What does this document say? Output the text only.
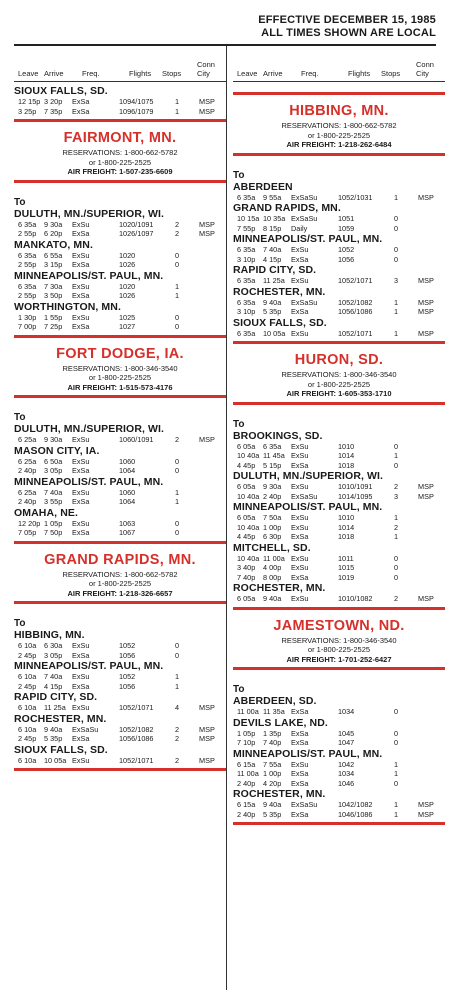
EFFECTIVE DECEMBER 15, 1985
ALL TIMES SHOWN ARE LOCAL
Leave Arrive Freq.	Flights Stops
Conn
City
SIOUX FALLS, SD.
12 15p 3 20p ExSa	1094/1075	1	MSP
3 25p 7 35p ExSa	1096/1079	1	MSP
FAIRMONT, MN.
RESERVATIONS: 1-800-662-5782
or 1-800-225-2525
AIR FREIGHT: 1-507-235-6609
To
DULUTH, MN./SUPERIOR, WI.
6 35a 9 30a ExSu	1020/1091	2	MSP
2 55p 6 20p ExSa	1026/1097	2	MSP
MANKATO, MN.
6 35a 6 55a ExSu	1020	0
2 55p 3 15p ExSa	1026	0
MINNEAPOLIS/ST. PAUL, MN.
6 35a 7 30a ExSu	1020	1
2 55p 3 50p ExSa	1026	1
WORTHINGTON, MN.
1 30p 1 55p ExSu	1025	0
7 00p 7 25p ExSa	1027	0
FORT DODGE, IA.
RESERVATIONS: 1-800-346-3540
or 1-800-225-2525
AIR FREIGHT: 1-515-573-4176
To
DULUTH, MN./SUPERIOR, WI.
6 25a 9 30a ExSu	1060/1091	2	MSP
MASON CITY, IA.
6 25a 6 50a ExSu	1060	0
2 40p 3 05p ExSa	1064	0
MINNEAPOLIS/ST. PAUL, MN.
6 25a 7 40a ExSu	1060	1
2 40p 3 55p ExSa	1064	1
OMAHA, NE.
12 20p 1 05p ExSu	1063	0
7 05p 7 50p ExSa	1067	0
GRAND RAPIDS, MN.
RESERVATIONS: 1-800-662-5782
or 1-800-225-2525
AIR FREIGHT: 1-218-326-6657
To
HIBBING, MN.
6 10a 6 30a ExSu	1052	0
2 45p 3 05p ExSa	1056	0
MINNEAPOLIS/ST. PAUL, MN.
6 10a 7 40a ExSu	1052	1
2 45p 4 15p ExSa	1056	1
RAPID CITY, SD.
6 10a 11 25a ExSu	1052/1071	4	MSP
ROCHESTER, MN.
6 10a 9 40a ExSaSu	1052/1082	2	MSP
2 45p 5 35p ExSa	1056/1086	2	MSP
SIOUX FALLS, SD.
6 10a 10 05a ExSu	1052/1071	2	MSP
Leave Arrive Freq.	Flights Stops
Conn
City
HIBBING, MN.
RESERVATIONS: 1-800-662-5782
or 1-800-225-2525
AIR FREIGHT: 1-218-262-6484
To
ABERDEEN
6 35a 9 55a ExSaSu	1052/1031	1	MSP
GRAND RAPIDS, MN.
10 15a 10 35a ExSaSu	1051	0
7 55p 8 15p Daily	1059	0
MINNEAPOLIS/ST. PAUL, MN.
6 35a 7 40a ExSu	1052	0
3 10p 4 15p ExSa	1056	0
RAPID CITY, SD.
6 35a 11 25a ExSu	1052/1071	3	MSP
ROCHESTER, MN.
6 35a 9 40a ExSaSu	1052/1082	1	MSP
3 10p 5 35p ExSa	1056/1086	1	MSP
SIOUX FALLS, SD.
6 35a 10 05a ExSu	1052/1071	1	MSP
HURON, SD.
RESERVATIONS: 1-800-346-3540
or 1-800-225-2525
AIR FREIGHT: 1-605-353-1710
To
BROOKINGS, SD.
6 05a 6 35a ExSu	1010	0
10 40a 11 45a ExSu	1014	1
4 45p 5 15p ExSa	1018	0
DULUTH, MN./SUPERIOR, WI.
6 05a 9 30a ExSu	1010/1091	2	MSP
10 40a 2 40p ExSaSu	1014/1095	3	MSP
MINNEAPOLIS/ST. PAUL, MN.
6 05a 7 50a ExSu	1010	1
10 40a 1 00p ExSu	1014	2
4 45p 6 30p ExSa	1018	1
MITCHELL, SD.
10 40a 11 00a ExSu	1011	0
3 40p 4 00p ExSu	1015	0
7 40p 8 00p ExSa	1019	0
ROCHESTER, MN.
6 05a 9 40a ExSu	1010/1082	2	MSP
JAMESTOWN, ND.
RESERVATIONS: 1-800-346-3540
or 1-800-225-2525
AIR FREIGHT: 1-701-252-6427
To
ABERDEEN, SD.
11 00a 11 35a ExSa	1034	0
DEVILS LAKE, ND.
1 05p 1 35p ExSa	1045	0
7 10p 7 40p ExSa	1047	0
MINNEAPOLIS/ST. PAUL, MN.
6 15a 7 55a ExSu	1042	1
11 00a 1 00p ExSa	1034	1
2 40p 4 20p ExSa	1046	0
ROCHESTER, MN.
6 15a 9 40a ExSaSu	1042/1082	1	MSP
2 40p 5 35p ExSa	1046/1086	1	MSP
